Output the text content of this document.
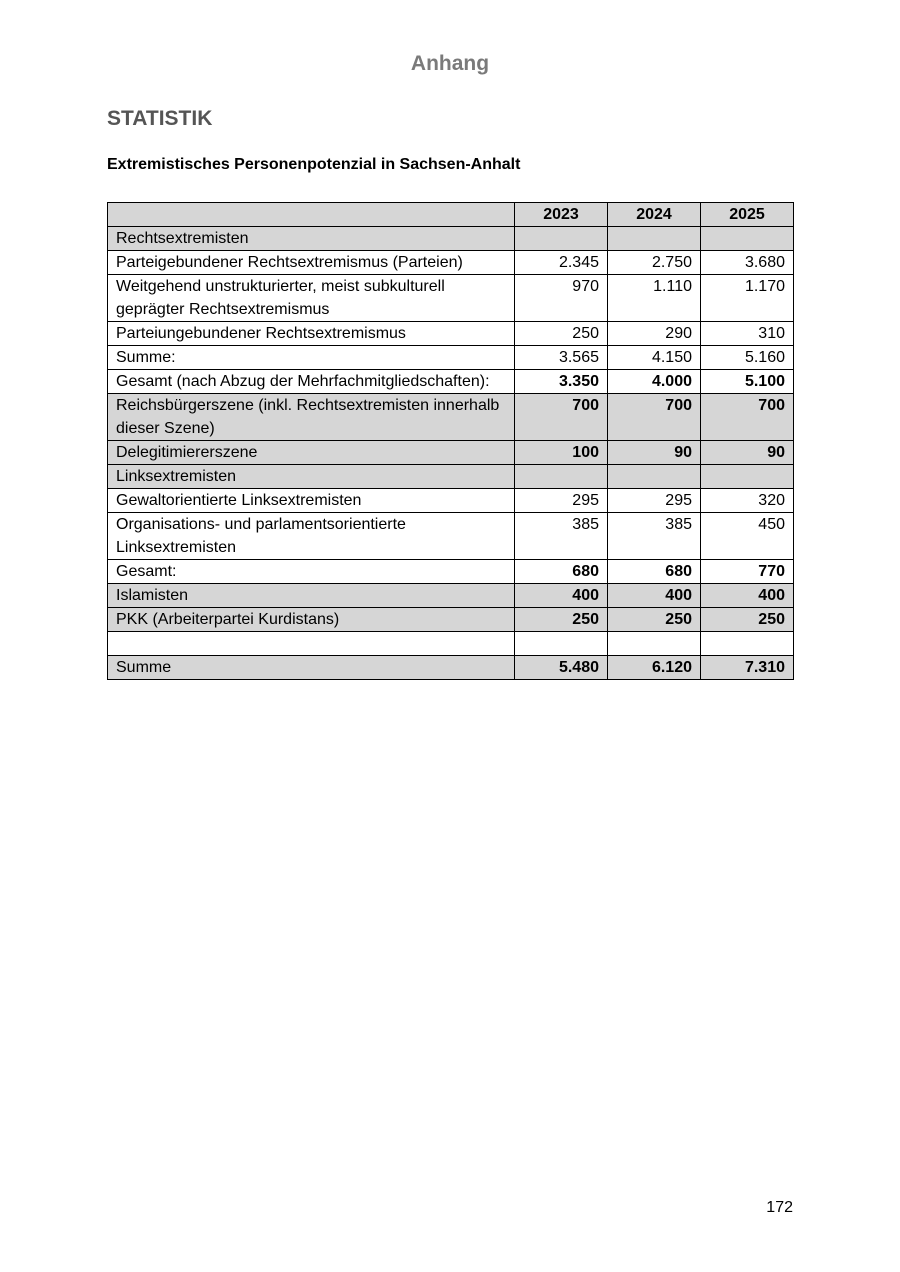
Anhang
STATISTIK
Extremistisches Personenpotenzial in Sachsen-Anhalt
	2023	2024	2025
Rechtsextremisten			
Parteigebundener Rechtsextremismus (Parteien)	2.345	2.750	3.680
Weitgehend unstrukturierter, meist subkulturell geprägter Rechtsextremismus	970	1.110	1.170
Parteiungebundener Rechtsextremismus	250	290	310
Summe:	3.565	4.150	5.160
Gesamt (nach Abzug der Mehrfachmitgliedschaften):	3.350	4.000	5.100
Reichsbürgerszene (inkl. Rechtsextremisten innerhalb dieser Szene)	700	700	700
Delegitimiererszene	100	90	90
Linksextremisten			
Gewaltorientierte Linksextremisten	295	295	320
Organisations- und parlamentsorientierte Linksextremisten	385	385	450
Gesamt:	680	680	770
Islamisten	400	400	400
PKK (Arbeiterpartei Kurdistans)	250	250	250

Summe	5.480	6.120	7.310
172
